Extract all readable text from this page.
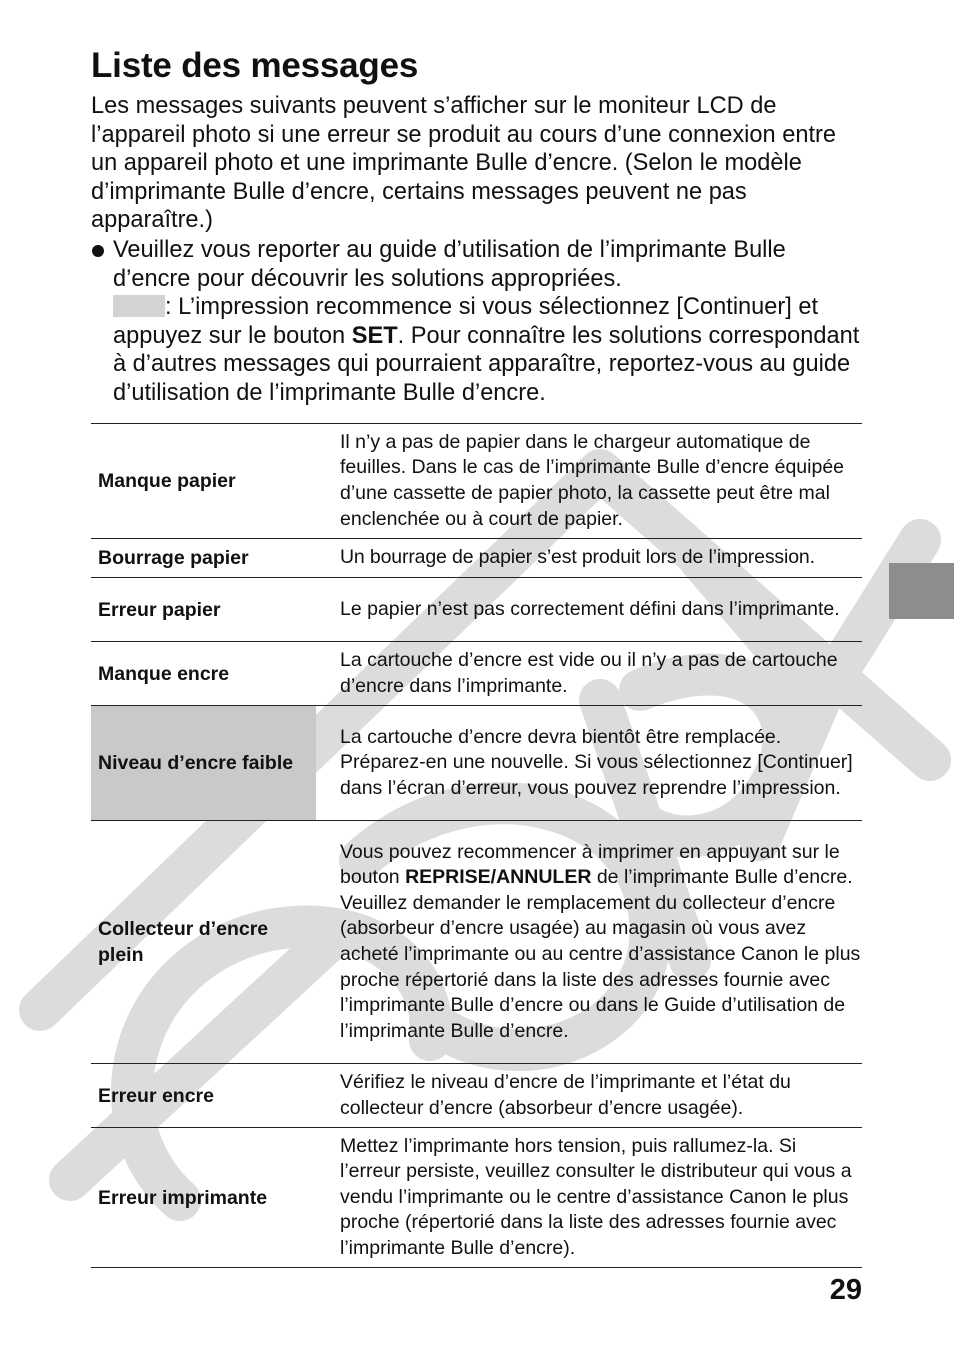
Liste des messages

Les messages suivants peuvent s’afficher sur le moniteur LCD de l’appareil photo si une erreur se produit au cours d’une connexion entre un appareil photo et une imprimante Bulle d’encre. (Selon le modèle d’imprimante Bulle d’encre, certains messages peuvent ne pas apparaître.)

Veuillez vous reporter au guide d’utilisation de l’imprimante Bulle d’encre pour découvrir les solutions appropriées.
: L’impression recommence si vous sélectionnez [Continuer] et appuyez sur le bouton SET. Pour connaître les solutions correspondant à d’autres messages qui pourraient apparaître, reportez-vous au guide d’utilisation de l’imprimante Bulle d’encre.
Manque papier	Il n’y a pas de papier dans le chargeur automatique de feuilles. Dans le cas de l’imprimante Bulle d’encre équipée d’une cassette de papier photo, la cassette peut être mal enclenchée ou à court de papier.
Bourrage papier	Un bourrage de papier s’est produit lors de l’impression.
Erreur papier	Le papier n’est pas correctement défini dans l’imprimante.
Manque encre	La cartouche d’encre est vide ou il n’y a pas de cartouche d’encre dans l’imprimante.
Niveau d’encre faible	La cartouche d’encre devra bientôt être remplacée. Préparez-en une nouvelle. Si vous sélectionnez [Continuer] dans l’écran d’erreur, vous pouvez reprendre l’impression.
Collecteur d’encre plein	Vous pouvez recommencer à imprimer en appuyant sur le bouton REPRISE/ANNULER de l’imprimante Bulle d’encre. Veuillez demander le remplacement du collecteur d’encre (absorbeur d’encre usagée) au magasin où vous avez acheté l’imprimante ou au centre d’assistance Canon le plus proche répertorié dans la liste des adresses fournie avec l’imprimante Bulle d’encre ou dans le Guide d’utilisation de l’imprimante Bulle d’encre.
Erreur encre	Vérifiez le niveau d’encre de l’imprimante et l’état du collecteur d’encre (absorbeur d’encre usagée).
Erreur imprimante	Mettez l’imprimante hors tension, puis rallumez-la. Si l’erreur persiste, veuillez consulter le distributeur qui vous a vendu l’imprimante ou le centre d’assistance Canon le plus proche (répertorié dans la liste des adresses fournie avec l’imprimante Bulle d’encre).
29
